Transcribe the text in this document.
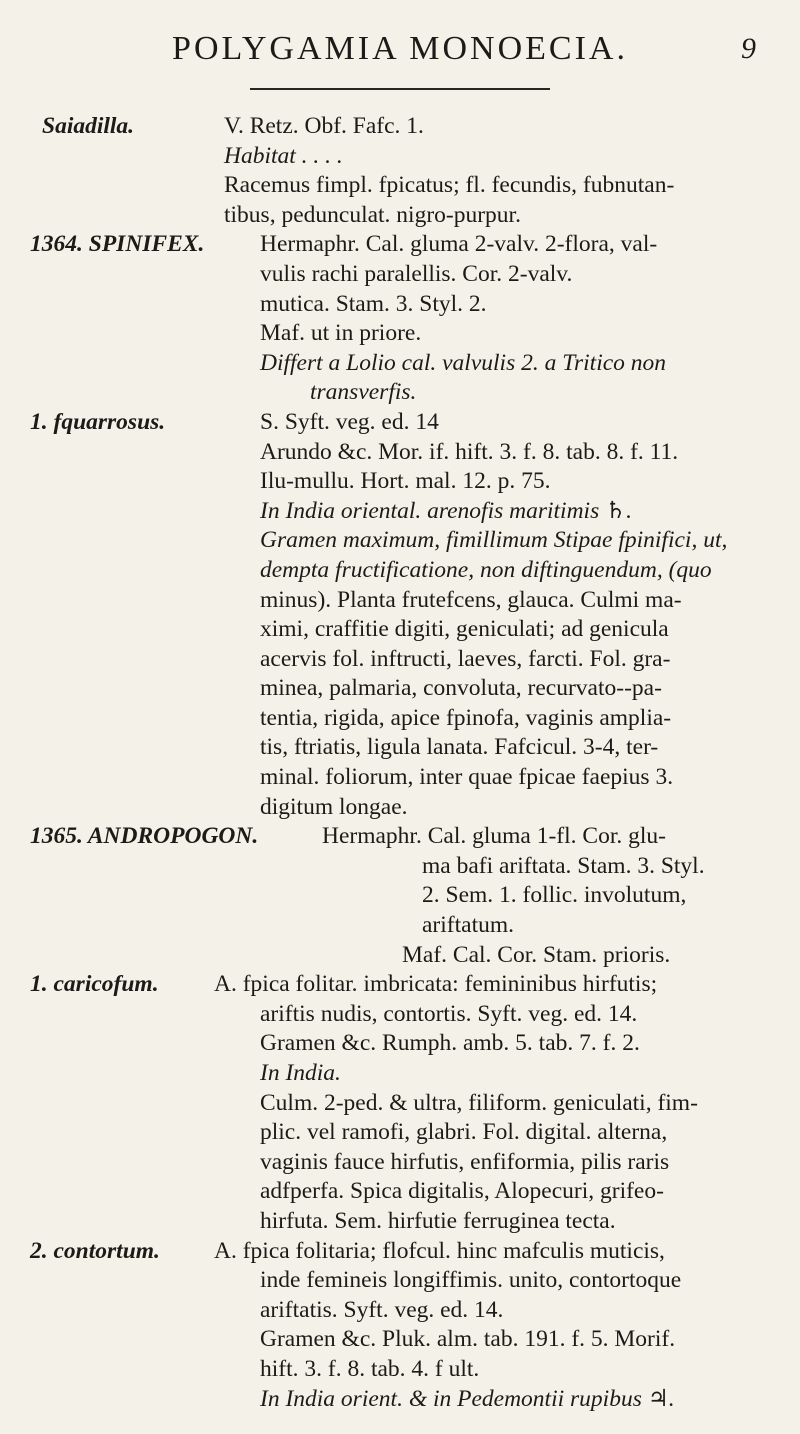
POLYGAMIA MONOECIA.	9
Saiadilla.	V. Retz. Obf. Fafc. 1.
Habitat . . . .
Racemus fimpl. fpicatus; fl. fecundis, fubnutan-
tibus, pedunculat. nigro-purpur.
1364. SPINIFEX.	Hermaphr. Cal. gluma 2-valv. 2-flora, val-
vulis rachi paralellis. Cor. 2-valv.
mutica. Stam. 3. Styl. 2.
Maf. ut in priore.
Differt a Lolio cal. valvulis 2. a Tritico non
transverfis.
1. fquarrosus.	S. Syft. veg. ed. 14
Arundo &c. Mor. if. hift. 3. f. 8. tab. 8. f. 11.
Ilu-mullu. Hort. mal. 12. p. 75.
In India oriental. arenofis maritimis ♄.
Gramen maximum, fimillimum Stipae fpinifici, ut,
dempta fructificatione, non diftinguendum, (quo
minus). Planta frutefcens, glauca. Culmi ma-
ximi, craffitie digiti, geniculati; ad genicula
acervis fol. inftructi, laeves, farcti. Fol. gra-
minea, palmaria, convoluta, recurvato--pa-
tentia, rigida, apice fpinofa, vaginis amplia-
tis, ftriatis, ligula lanata. Fafcicul. 3-4, ter-
minal. foliorum, inter quae fpicae faepius 3.
digitum longae.
1365. ANDROPOGON.	Hermaphr. Cal. gluma 1-fl. Cor. glu-
ma bafi ariftata. Stam. 3. Styl.
2. Sem. 1. follic. involutum,
ariftatum.
Maf. Cal. Cor. Stam. prioris.
1. caricofum.	A. fpica folitar. imbricata: femininibus hirfutis;
ariftis nudis, contortis. Syft. veg. ed. 14.
Gramen &c. Rumph. amb. 5. tab. 7. f. 2.
In India.
Culm. 2-ped. & ultra, filiform. geniculati, fim-
plic. vel ramofi, glabri. Fol. digital. alterna,
vaginis fauce hirfutis, enfiformia, pilis raris
adfperfa. Spica digitalis, Alopecuri, grifeo-
hirfuta. Sem. hirfutie ferruginea tecta.
2. contortum.	A. fpica folitaria; flofcul. hinc mafculis muticis,
inde femineis longiffimis. unito, contortoque
ariftatis. Syft. veg. ed. 14.
Gramen &c. Pluk. alm. tab. 191. f. 5. Morif.
hift. 3. f. 8. tab. 4. f ult.
In India orient. & in Pedemontii rupibus ♃.
